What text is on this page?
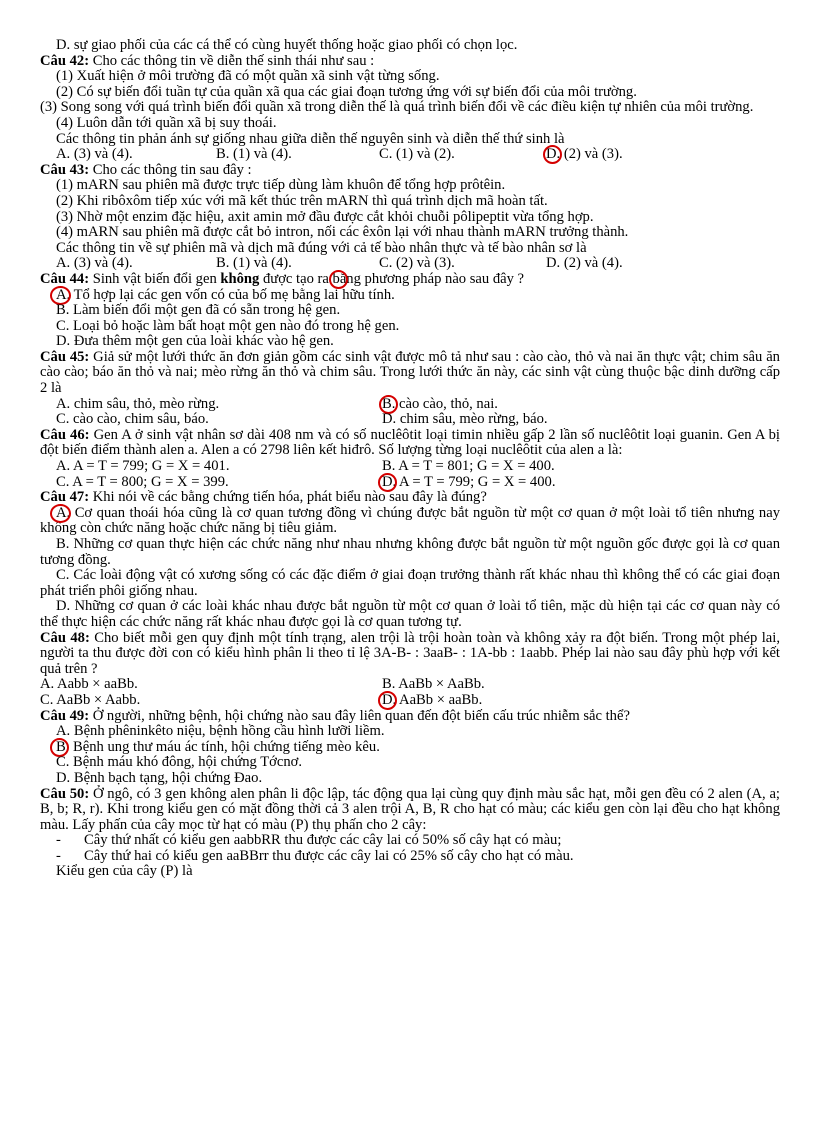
D. sự giao phối của các cá thể có cùng huyết thống hoặc giao phối có chọn lọc.
Câu 42: Cho các thông tin về diễn thế sinh thái như sau :
(1) Xuất hiện ở môi trường đã có một quần xã sinh vật từng sống.
(2) Có sự biến đổi tuần tự của quần xã qua các giai đoạn tương ứng với sự biến đổi của môi trường.
(3) Song song với quá trình biến đổi quần xã trong diễn thế là quá trình biến đổi về các điều kiện tự nhiên của môi trường.
(4) Luôn dẫn tới quần xã bị suy thoái.
Các thông tin phản ánh sự giống nhau giữa diễn thế nguyên sinh và diễn thế thứ sinh là
A. (3) và (4).	B. (1) và (4).	C. (1) và (2).	D. (2) và (3).
Câu 43: Cho các thông tin sau đây :
(1) mARN sau phiên mã được trực tiếp dùng làm khuôn để tổng hợp prôtêin.
(2) Khi ribôxôm tiếp xúc với mã kết thúc trên mARN thì quá trình dịch mã hoàn tất.
(3) Nhờ một enzim đặc hiệu, axit amin mở đầu được cắt khỏi chuỗi pôlipeptit vừa tổng hợp.
(4) mARN sau phiên mã được cắt bỏ intron, nối các êxôn lại với nhau thành mARN trưởng thành.
Các thông tin về sự phiên mã và dịch mã đúng với cả tế bào nhân thực và tế bào nhân sơ là
A. (3) và (4).	B. (1) và (4).	C. (2) và (3).	D. (2) và (4).
Câu 44: Sinh vật biến đổi gen không được tạo ra bằng phương pháp nào sau đây ?
A. Tổ hợp lại các gen vốn có của bố mẹ bằng lai hữu tính.
B. Làm biến đổi một gen đã có sẵn trong hệ gen.
C. Loại bỏ hoặc làm bất hoạt một gen nào đó trong hệ gen.
D. Đưa thêm một gen của loài khác vào hệ gen.
Câu 45: Giả sử một lưới thức ăn đơn giản gồm các sinh vật được mô tả như sau : cào cào, thỏ và nai ăn thực vật; chim sâu ăn cào cào; báo ăn thỏ và nai; mèo rừng ăn thỏ và chim sâu. Trong lưới thức ăn này, các sinh vật cùng thuộc bậc dinh dưỡng cấp 2 là
A. chim sâu, thỏ, mèo rừng.	B. cào cào, thỏ, nai.
C. cào cào, chim sâu, báo.	D. chim sâu, mèo rừng, báo.
Câu 46: Gen A ở sinh vật nhân sơ dài 408 nm và có số nuclêôtit loại timin nhiều gấp 2 lần số nuclêôtit loại guanin. Gen A bị đột biến điểm thành alen a. Alen a có 2798 liên kết hiđrô. Số lượng từng loại nuclêôtit của alen a là:
A. A = T = 799; G = X = 401.	B. A = T = 801; G = X = 400.
C. A = T = 800; G = X = 399.	D. A = T = 799; G = X = 400.
Câu 47: Khi nói về các bằng chứng tiến hóa, phát biểu nào sau đây là đúng?
A. Cơ quan thoái hóa cũng là cơ quan tương đồng vì chúng được bắt nguồn từ một cơ quan ở một loài tổ tiên nhưng nay không còn chức năng hoặc chức năng bị tiêu giảm.
B. Những cơ quan thực hiện các chức năng như nhau nhưng không được bắt nguồn từ một nguồn gốc được gọi là cơ quan tương đồng.
C. Các loài động vật có xương sống có các đặc điểm ở giai đoạn trưởng thành rất khác nhau thì không thể có các giai đoạn phát triển phôi giống nhau.
D. Những cơ quan ở các loài khác nhau được bắt nguồn từ một cơ quan ở loài tổ tiên, mặc dù hiện tại các cơ quan này có thể thực hiện các chức năng rất khác nhau được gọi là cơ quan tương tự.
Câu 48: Cho biết mỗi gen quy định một tính trạng, alen trội là trội hoàn toàn và không xảy ra đột biến. Trong một phép lai, người ta thu được đời con có kiểu hình phân li theo tỉ lệ 3A-B- : 3aaB- : 1A-bb : 1aabb. Phép lai nào sau đây phù hợp với kết quả trên ?
A. Aabb × aaBb.	B. AaBb × AaBb.
C. AaBb × Aabb.	D. AaBb × aaBb.
Câu 49: Ở người, những bệnh, hội chứng nào sau đây liên quan đến đột biến cấu trúc nhiễm sắc thể?
A. Bệnh phêninkêto niệu, bệnh hồng cầu hình lưỡi liềm.
B. Bệnh ung thư máu ác tính, hội chứng tiếng mèo kêu.
C. Bệnh máu khó đông, hội chứng Tớcnơ.
D. Bệnh bạch tạng, hội chứng Đao.
Câu 50: Ở ngô, có 3 gen không alen phân li độc lập, tác động qua lại cùng quy định màu sắc hạt, mỗi gen đều có 2 alen (A, a; B, b; R, r). Khi trong kiểu gen có mặt đồng thời cả 3 alen trội A, B, R cho hạt có màu; các kiểu gen còn lại đều cho hạt không màu. Lấy phấn của cây mọc từ hạt có màu (P) thụ phấn cho 2 cây:
-	Cây thứ nhất có kiểu gen aabbRR thu được các cây lai có 50% số cây hạt có màu;
-	Cây thứ hai có kiểu gen aaBBrr thu được các cây lai có 25% số cây cho hạt có màu.
Kiểu gen của cây (P) là
